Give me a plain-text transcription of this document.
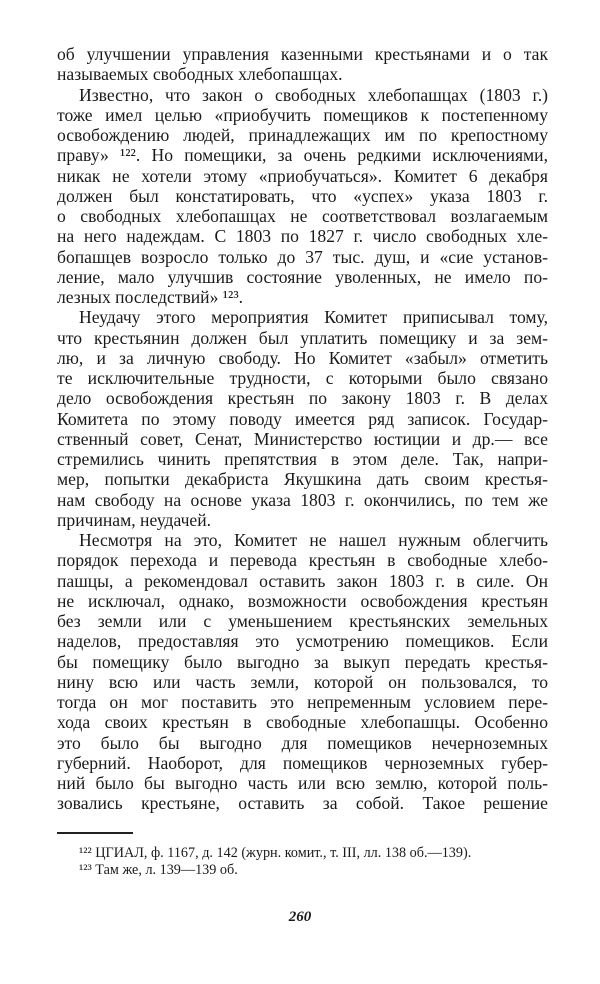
об улучшении управления казенными крестьянами и о так
называемых свободных хлебопашцах.
Известно, что закон о свободных хлебопашцах (1803 г.)
тоже имел целью «приобучить помещиков к постепенному
освобождению людей, принадлежащих им по крепостному
праву» ¹²². Но помещики, за очень редкими исключениями,
никак не хотели этому «приобучаться». Комитет 6 декабря
должен был констатировать, что «успех» указа 1803 г.
о свободных хлебопашцах не соответствовал возлагаемым
на него надеждам. С 1803 по 1827 г. число свободных хле-
бопашцев возросло только до 37 тыс. душ, и «сие установ-
ление, мало улучшив состояние уволенных, не имело по-
лезных последствий» ¹²³.
Неудачу этого мероприятия Комитет приписывал тому,
что крестьянин должен был уплатить помещику и за зем-
лю, и за личную свободу. Но Комитет «забыл» отметить
те исключительные трудности, с которыми было связано
дело освобождения крестьян по закону 1803 г. В делах
Комитета по этому поводу имеется ряд записок. Государ-
ственный совет, Сенат, Министерство юстиции и др.— все
стремились чинить препятствия в этом деле. Так, напри-
мер, попытки декабриста Якушкина дать своим крестья-
нам свободу на основе указа 1803 г. окончились, по тем же
причинам, неудачей.
Несмотря на это, Комитет не нашел нужным облегчить
порядок перехода и перевода крестьян в свободные хлебо-
пашцы, а рекомендовал оставить закон 1803 г. в силе. Он
не исключал, однако, возможности освобождения крестьян
без земли или с уменьшением крестьянских земельных
наделов, предоставляя это усмотрению помещиков. Если
бы помещику было выгодно за выкуп передать крестья-
нину всю или часть земли, которой он пользовался, то
тогда он мог поставить это непременным условием пере-
хода своих крестьян в свободные хлебопашцы. Особенно
это было бы выгодно для помещиков нечерноземных
губерний. Наоборот, для помещиков черноземных губер-
ний было бы выгодно часть или всю землю, которой поль-
зовались крестьяне, оставить за собой. Такое решение
¹²² ЦГИАЛ, ф. 1167, д. 142 (журн. комит., т. III, лл. 138 об.—139).
¹²³ Там же, л. 139—139 об.
260
